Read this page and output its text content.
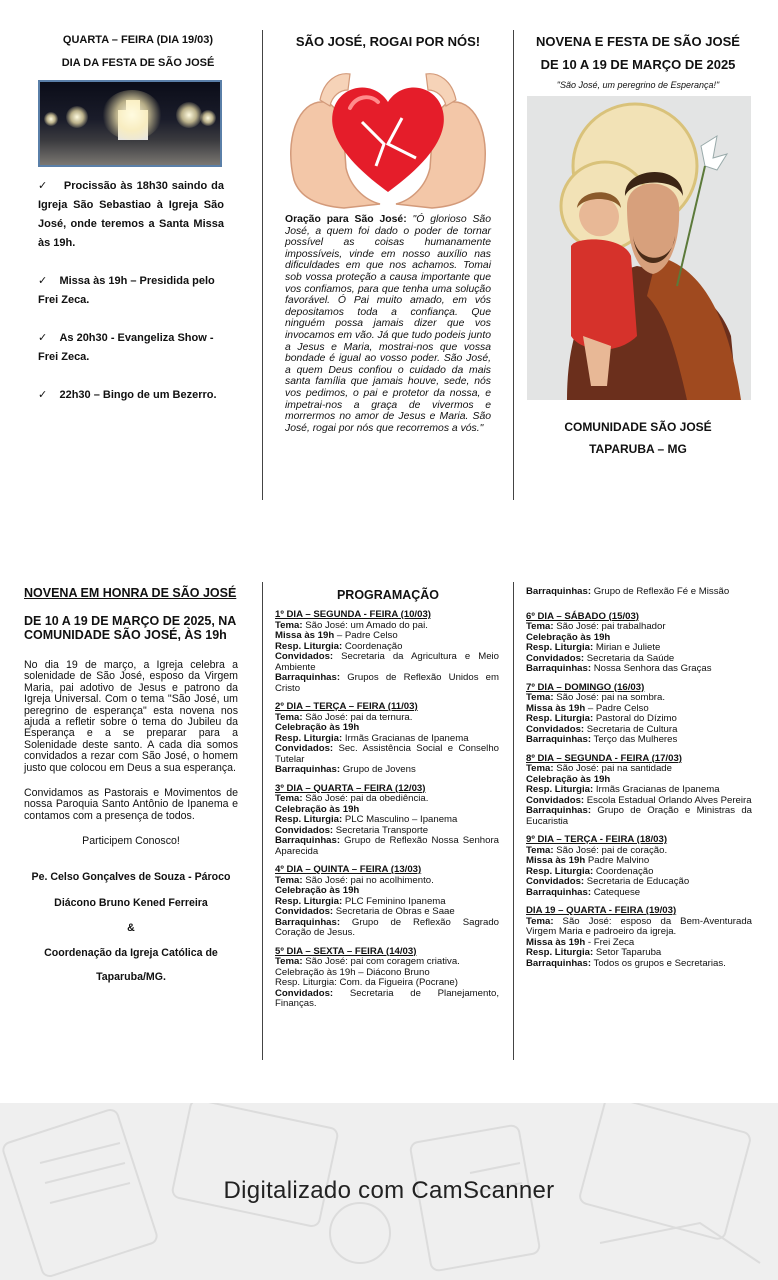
QUARTA – FEIRA (DIA 19/03)
DIA DA FESTA DE SÃO JOSÉ
✓ Procissão às 18h30 saindo da Igreja São Sebastiao à Igreja São José, onde teremos a Santa Missa às 19h.
✓ Missa às 19h – Presidida pelo Frei Zeca.
✓ As 20h30 - Evangeliza Show - Frei Zeca.
✓ 22h30 – Bingo de um Bezerro.
SÃO JOSÉ, ROGAI POR NÓS!
Oração para São José: "Ó glorioso São José, a quem foi dado o poder de tornar possível as coisas humanamente impossíveis, vinde em nosso auxílio nas dificuldades em que nos achamos. Tomai sob vossa proteção a causa importante que vos confiamos, para que tenha uma solução favorável. Ó Pai muito amado, em vós depositamos toda a confiança. Que ninguém possa jamais dizer que vos invocamos em vão. Já que tudo podeis junto a Jesus e Maria, mostrai-nos que vossa bondade é igual ao vosso poder. São José, a quem Deus confiou o cuidado da mais santa família que jamais houve, sede, nós vos pedimos, o pai e protetor da nossa, e impetrai-nos a graça de vivermos e morrermos no amor de Jesus e Maria. São José, rogai por nós que recorremos a vós."
NOVENA E FESTA DE SÃO JOSÉ
DE 10 A 19 DE MARÇO DE 2025
"São José, um peregrino de Esperança!"
COMUNIDADE SÃO JOSÉ
TAPARUBA – MG
NOVENA EM HONRA DE SÃO JOSÉ
DE 10 A 19 DE MARÇO DE 2025, NA COMUNIDADE SÃO JOSÉ, ÀS 19h
No dia 19 de março, a Igreja celebra a solenidade de São José, esposo da Virgem Maria, pai adotivo de Jesus e patrono da Igreja Universal. Com o tema "São José, um peregrino de esperança" esta novena nos ajuda a refletir sobre o tema do Jubileu da Esperança e a se preparar para a Solenidade deste santo. A cada dia somos convidados a rezar com São José, o homem justo que colocou em Deus a sua esperança.
Convidamos as Pastorais e Movimentos de nossa Paroquia Santo Antônio de Ipanema e contamos com a presença de todos.
Participem Conosco!
Pe. Celso Gonçalves de Souza - Pároco
Diácono Bruno Kened Ferreira
&
Coordenação da Igreja Católica de
Taparuba/MG.
PROGRAMAÇÃO
1º DIA – SEGUNDA - FEIRA (10/03)
Tema: São José: um Amado do pai.
Missa às 19h – Padre Celso
Resp. Liturgia: Coordenação
Convidados: Secretaria da Agricultura e Meio Ambiente
Barraquinhas: Grupos de Reflexão Unidos em Cristo
2º DIA – TERÇA – FEIRA (11/03)
Tema: São José: pai da ternura.
Celebração às 19h
Resp. Liturgia: Irmãs Gracianas de Ipanema
Convidados: Sec. Assistência Social e Conselho Tutelar
Barraquinhas: Grupo de Jovens
3º DIA – QUARTA – FEIRA (12/03)
Tema: São José: pai da obediência.
Celebração às 19h
Resp. Liturgia: PLC Masculino – Ipanema
Convidados: Secretaria Transporte
Barraquinhas: Grupo de Reflexão Nossa Senhora Aparecida
4º DIA – QUINTA – FEIRA (13/03)
Tema: São José: pai no acolhimento.
Celebração às 19h
Resp. Liturgia: PLC Feminino Ipanema
Convidados: Secretaria de Obras e Saae
Barraquinhas: Grupo de Reflexão Sagrado Coração de Jesus.
5º DIA – SEXTA – FEIRA (14/03)
Tema: São José: pai com coragem criativa.
Celebração às 19h – Diácono Bruno
Resp. Liturgia: Com. da Figueira (Pocrane)
Convidados: Secretaria de Planejamento, Finanças.
Barraquinhas: Grupo de Reflexão Fé e Missão
6º DIA – SÁBADO (15/03)
Tema: São José: pai trabalhador
Celebração às 19h
Resp. Liturgia: Mirian e Juliete
Convidados: Secretaria da Saúde
Barraquinhas: Nossa Senhora das Graças
7º DIA – DOMINGO (16/03)
Tema: São José: pai na sombra.
Missa às 19h – Padre Celso
Resp. Liturgia: Pastoral do Dízimo
Convidados: Secretaria de Cultura
Barraquinhas: Terço das Mulheres
8º DIA – SEGUNDA - FEIRA (17/03)
Tema: São José: pai na santidade
Celebração às 19h
Resp. Liturgia: Irmãs Gracianas de Ipanema
Convidados: Escola Estadual Orlando Alves Pereira
Barraquinhas: Grupo de Oração e Ministras da Eucaristia
9º DIA – TERÇA - FEIRA (18/03)
Tema: São José: pai de coração.
Missa às 19h Padre Malvino
Resp. Liturgia: Coordenação
Convidados: Secretaria de Educação
Barraquinhas: Catequese
DIA 19 – QUARTA - FEIRA (19/03)
Tema: São José: esposo da Bem-Aventurada Virgem Maria e padroeiro da igreja.
Missa às 19h - Frei Zeca
Resp. Liturgia: Setor Taparuba
Barraquinhas: Todos os grupos e Secretarias.
Digitalizado com CamScanner
